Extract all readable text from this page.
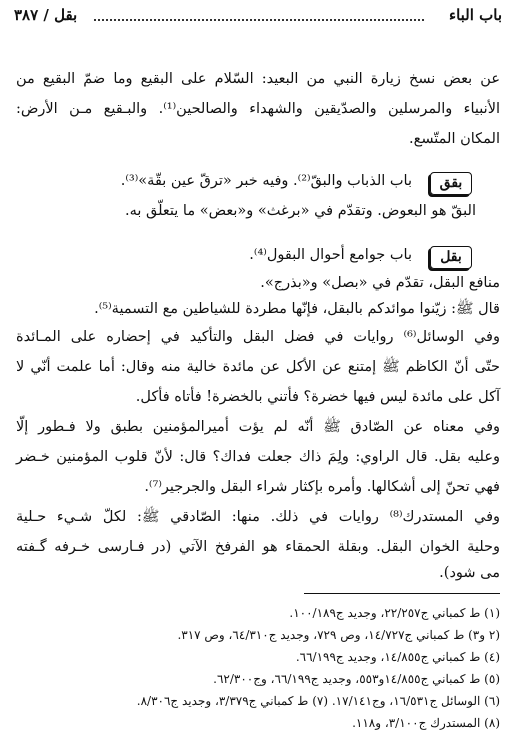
باب الباء
بقل / ٣٨٧
عن بعض نسخ زيارة النبي من البعيد: السّلام على البقيع وما ضمّ البقيع من
الأنبياء والمرسلين والصدّيقين والشهداء والصالحين⁽¹⁾. والبـقيع مـن الأرض:
المكان المتّسع.
بقق
باب الذباب والبقّ⁽²⁾. وفيه خبر «ترقّ عين بقّة»⁽³⁾.
البقّ هو البعوض. وتقدّم في «برغث» و«بعض» ما يتعلّق به.
بقل
باب جوامع أحوال البقول⁽⁴⁾.
منافع البقل، تقدّم في «بصل» و«بذرج».
قال ﷺ: زيّنوا موائدكم بالبقل، فإنّها مطردة للشياطين مع التسمية⁽⁵⁾.
وفي الوسائل⁽⁶⁾ روايات في فضل البقل والتأكيد في إحضاره على المـائدة
حتّى أنّ الكاظم ﷺ إمتنع عن الأكل عن مائدة خالية منه وقال: أما علمت أنّي لا
آكل على مائدة ليس فيها خضرة؟ فأتني بالخضرة! فأتاه فأكل.
وفي معناه عن الصّادق ﷺ أنّه لم يؤت أميرالمؤمنين بطبق ولا فـطور إلّا
وعليه بقل. قال الراوي: ولِمَ ذاك جعلت فداك؟ قال: لأنّ قلوب المؤمنين خـضر
فهي تحنّ إلى أشكالها. وأمره بإكثار شراء البقل والجرجير⁽⁷⁾.
وفي المستدرك⁽⁸⁾ روايات في ذلك. منها: الصّادقي ﷺ: لكلّ شـيء حـلية
وحلية الخوان البقل. وبقلة الحمقاء هو الفرفخ الآتي (در فـارسى خـرفه گـفته
مى شود).
(١) ط كمباني ج٢٢/٢٥٧، وجديد ج١٠٠/١٨٩.
(٢ و٣) ط كمباني ج١٤/٧٢٧، وص ٧٢٩، وجديد ج٦٤/٣١٠، وص ٣١٧.
(٤) ط كمباني ج١٤/٨٥٥، وجديد ج٦٦/١٩٩.
(٥) ط كمباني ج١٤/٨٥٥و٥٥٣، وجديد ج٦٦/١٩٩، وج٦٢/٣٠٠.
(٦) الوسائل ج١٦/٥٣١، وج١٧/١٤١. (٧) ط كمباني ج٣/٣٧٩، وجديد ج٨/٣٠٦.
(٨) المستدرك ج٣/١٠٠، و١١٨.
